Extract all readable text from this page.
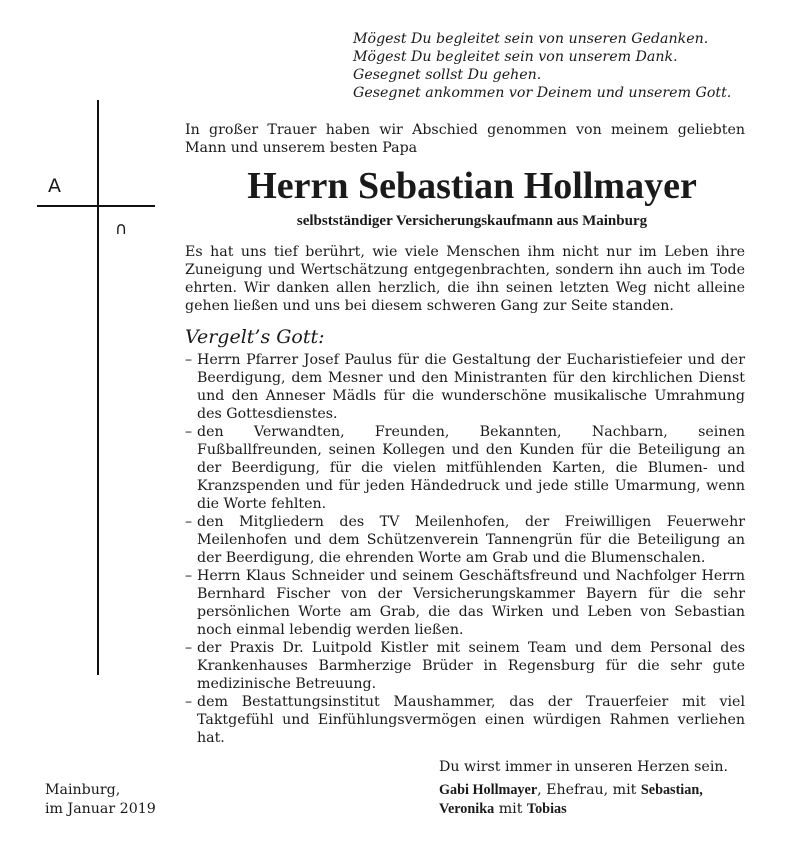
Mögest Du begleitet sein von unseren Gedanken.
Mögest Du begleitet sein von unserem Dank.
Gesegnet sollst Du gehen.
Gesegnet ankommen vor Deinem und unserem Gott.
A
∩

In großer Trauer haben wir Abschied genommen von meinem geliebten Mann und unserem besten Papa

Herrn Sebastian Hollmayer
selbstständiger Versicherungskaufmann aus Mainburg

Es hat uns tief berührt, wie viele Menschen ihm nicht nur im Leben ihre Zuneigung und Wertschätzung entgegenbrachten, sondern ihn auch im Tode ehrten. Wir danken allen herzlich, die ihn seinen letzten Weg nicht alleine gehen ließen und uns bei diesem schweren Gang zur Seite standen.

Vergelt’s Gott:
– Herrn Pfarrer Josef Paulus für die Gestaltung der Eucharistiefeier und der Beerdigung, dem Mesner und den Ministranten für den kirchlichen Dienst und den Anneser Mädls für die wunderschöne musikalische Umrahmung des Gottesdienstes.
– den Verwandten, Freunden, Bekannten, Nachbarn, seinen Fußballfreunden, seinen Kollegen und den Kunden für die Beteiligung an der Beerdigung, für die vielen mitfühlenden Karten, die Blumen- und Kranzspenden und für jeden Händedruck und jede stille Umarmung, wenn die Worte fehlten.
– den Mitgliedern des TV Meilenhofen, der Freiwilligen Feuerwehr Meilenhofen und dem Schützenverein Tannengrün für die Beteiligung an der Beerdigung, die ehrenden Worte am Grab und die Blumenschalen.
– Herrn Klaus Schneider und seinem Geschäftsfreund und Nachfolger Herrn Bernhard Fischer von der Versicherungskammer Bayern für die sehr persönlichen Worte am Grab, die das Wirken und Leben von Sebastian noch einmal lebendig werden ließen.
– der Praxis Dr. Luitpold Kistler mit seinem Team und dem Personal des Krankenhauses Barmherzige Brüder in Regensburg für die sehr gute medizinische Betreuung.
– dem Bestattungsinstitut Maushammer, das der Trauerfeier mit viel Taktgefühl und Einfühlungsvermögen einen würdigen Rahmen verliehen hat.
Du wirst immer in unseren Herzen sein.
Gabi Hollmayer, Ehefrau, mit Sebastian,
Veronika mit Tobias
Mainburg,
im Januar 2019
